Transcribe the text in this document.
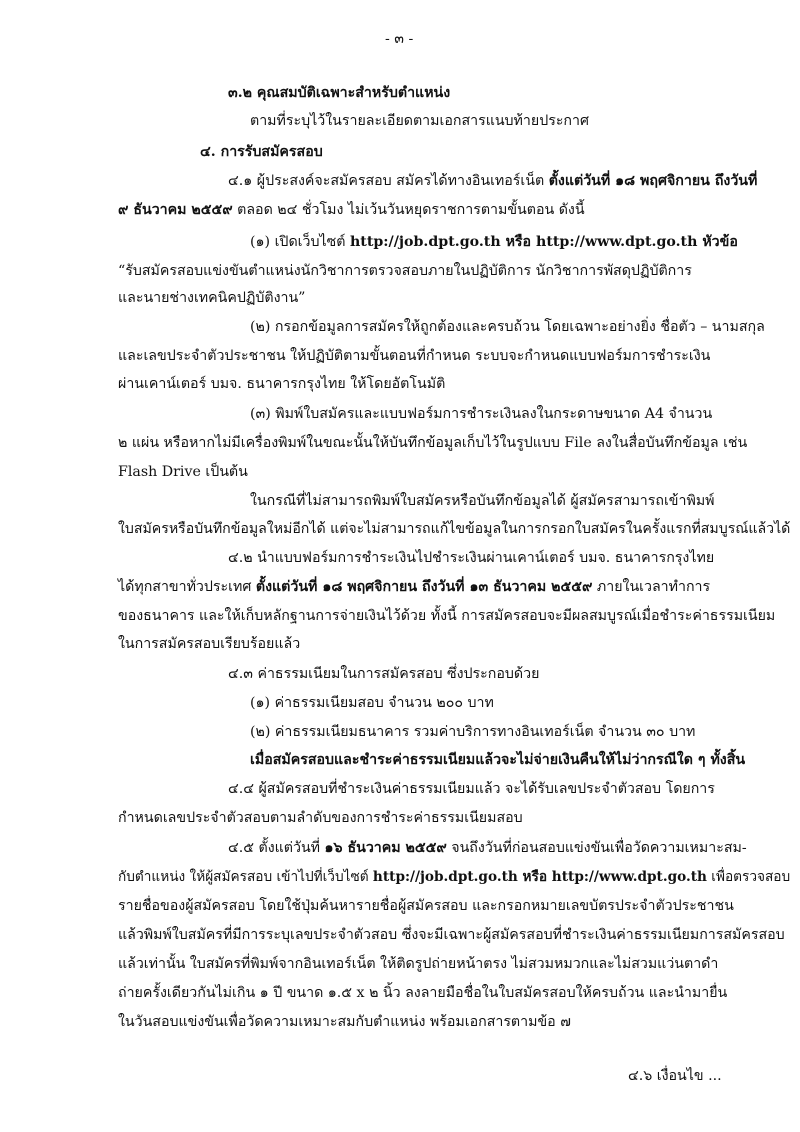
- ๓ -
๓.๒ คุณสมบัติเฉพาะสำหรับตำแหน่ง
ตามที่ระบุไว้ในรายละเอียดตามเอกสารแนบท้ายประกาศ
๔. การรับสมัครสอบ
๔.๑ ผู้ประสงค์จะสมัครสอบ สมัครได้ทางอินเทอร์เน็ต ตั้งแต่วันที่ ๑๘ พฤศจิกายน ถึงวันที่
๙ ธันวาคม ๒๕๕๙ ตลอด ๒๔ ชั่วโมง ไม่เว้นวันหยุดราชการตามขั้นตอน ดังนี้
(๑) เปิดเว็บไซต์ http://job.dpt.go.th หรือ http://www.dpt.go.th หัวข้อ
“รับสมัครสอบแข่งขันตำแหน่งนักวิชาการตรวจสอบภายในปฏิบัติการ นักวิชาการพัสดุปฏิบัติการ
และนายช่างเทคนิคปฏิบัติงาน”
(๒) กรอกข้อมูลการสมัครให้ถูกต้องและครบถ้วน โดยเฉพาะอย่างยิ่ง ชื่อตัว – นามสกุล
และเลขประจำตัวประชาชน ให้ปฏิบัติตามขั้นตอนที่กำหนด ระบบจะกำหนดแบบฟอร์มการชำระเงิน
ผ่านเคาน์เตอร์ บมจ. ธนาคารกรุงไทย ให้โดยอัตโนมัติ
(๓) พิมพ์ใบสมัครและแบบฟอร์มการชำระเงินลงในกระดาษขนาด A4 จำนวน
๒ แผ่น หรือหากไม่มีเครื่องพิมพ์ในขณะนั้นให้บันทึกข้อมูลเก็บไว้ในรูปแบบ File ลงในสื่อบันทึกข้อมูล เช่น
Flash Drive เป็นต้น
ในกรณีที่ไม่สามารถพิมพ์ใบสมัครหรือบันทึกข้อมูลได้ ผู้สมัครสามารถเข้าพิมพ์
ใบสมัครหรือบันทึกข้อมูลใหม่อีกได้ แต่จะไม่สามารถแก้ไขข้อมูลในการกรอกใบสมัครในครั้งแรกที่สมบูรณ์แล้วได้
๔.๒ นำแบบฟอร์มการชำระเงินไปชำระเงินผ่านเคาน์เตอร์ บมจ. ธนาคารกรุงไทย
ได้ทุกสาขาทั่วประเทศ ตั้งแต่วันที่ ๑๘ พฤศจิกายน ถึงวันที่ ๑๓ ธันวาคม ๒๕๕๙ ภายในเวลาทำการ
ของธนาคาร และให้เก็บหลักฐานการจ่ายเงินไว้ด้วย ทั้งนี้ การสมัครสอบจะมีผลสมบูรณ์เมื่อชำระค่าธรรมเนียม
ในการสมัครสอบเรียบร้อยแล้ว
๔.๓ ค่าธรรมเนียมในการสมัครสอบ ซึ่งประกอบด้วย
(๑) ค่าธรรมเนียมสอบ จำนวน ๒๐๐ บาท
(๒) ค่าธรรมเนียมธนาคาร รวมค่าบริการทางอินเทอร์เน็ต จำนวน ๓๐ บาท
เมื่อสมัครสอบและชำระค่าธรรมเนียมแล้วจะไม่จ่ายเงินคืนให้ไม่ว่ากรณีใด ๆ ทั้งสิ้น
๔.๔ ผู้สมัครสอบที่ชำระเงินค่าธรรมเนียมแล้ว จะได้รับเลขประจำตัวสอบ โดยการ
กำหนดเลขประจำตัวสอบตามลำดับของการชำระค่าธรรมเนียมสอบ
๔.๕ ตั้งแต่วันที่ ๑๖ ธันวาคม ๒๕๕๙ จนถึงวันที่ก่อนสอบแข่งขันเพื่อวัดความเหมาะสม-
กับตำแหน่ง ให้ผู้สมัครสอบ เข้าไปที่เว็บไซต์ http://job.dpt.go.th หรือ http://www.dpt.go.th เพื่อตรวจสอบ
รายชื่อของผู้สมัครสอบ โดยใช้ปุ่มค้นหารายชื่อผู้สมัครสอบ และกรอกหมายเลขบัตรประจำตัวประชาชน
แล้วพิมพ์ใบสมัครที่มีการระบุเลขประจำตัวสอบ ซึ่งจะมีเฉพาะผู้สมัครสอบที่ชำระเงินค่าธรรมเนียมการสมัครสอบ
แล้วเท่านั้น ใบสมัครที่พิมพ์จากอินเทอร์เน็ต ให้ติดรูปถ่ายหน้าตรง ไม่สวมหมวกและไม่สวมแว่นตาดำ
ถ่ายครั้งเดียวกันไม่เกิน ๑ ปี ขนาด ๑.๕ x ๒ นิ้ว ลงลายมือชื่อในใบสมัครสอบให้ครบถ้วน และนำมายื่น
ในวันสอบแข่งขันเพื่อวัดความเหมาะสมกับตำแหน่ง พร้อมเอกสารตามข้อ ๗
๔.๖ เงื่อนไข ...
